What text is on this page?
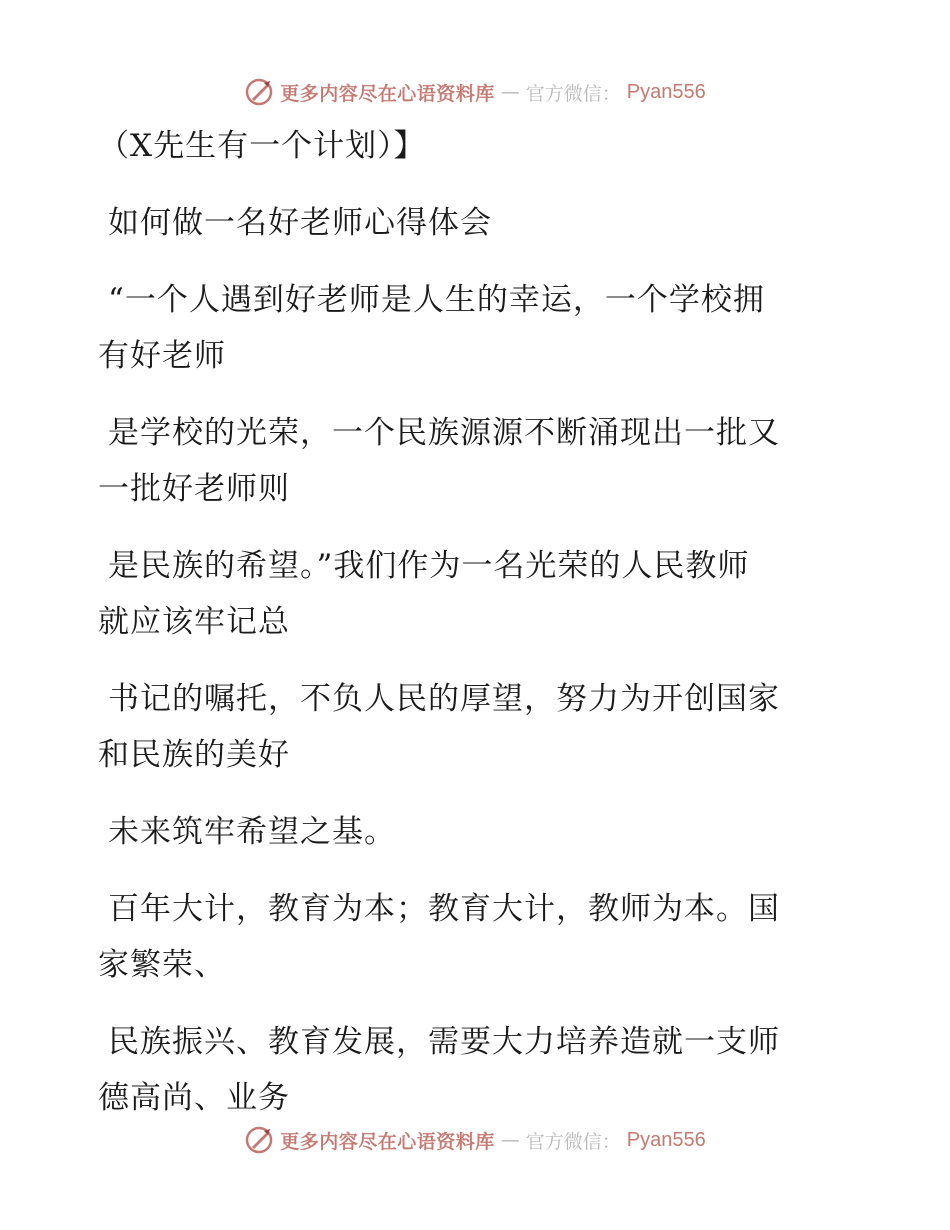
更多内容尽在心语资料库 — 官方微信： Pyan556

（X先生有一个计划）】

如何做一名好老师心得体会

“一个人遇到好老师是人生的幸运，一个学校拥
有好老师

是学校的光荣，一个民族源源不断涌现出一批又
一批好老师则

是民族的希望。”我们作为一名光荣的人民教师
就应该牢记总

书记的嘱托，不负人民的厚望，努力为开创国家
和民族的美好

未来筑牢希望之基。

百年大计，教育为本；教育大计，教师为本。国
家繁荣、

民族振兴、教育发展，需要大力培养造就一支师
德高尚、业务

更多内容尽在心语资料库 — 官方微信： Pyan556
